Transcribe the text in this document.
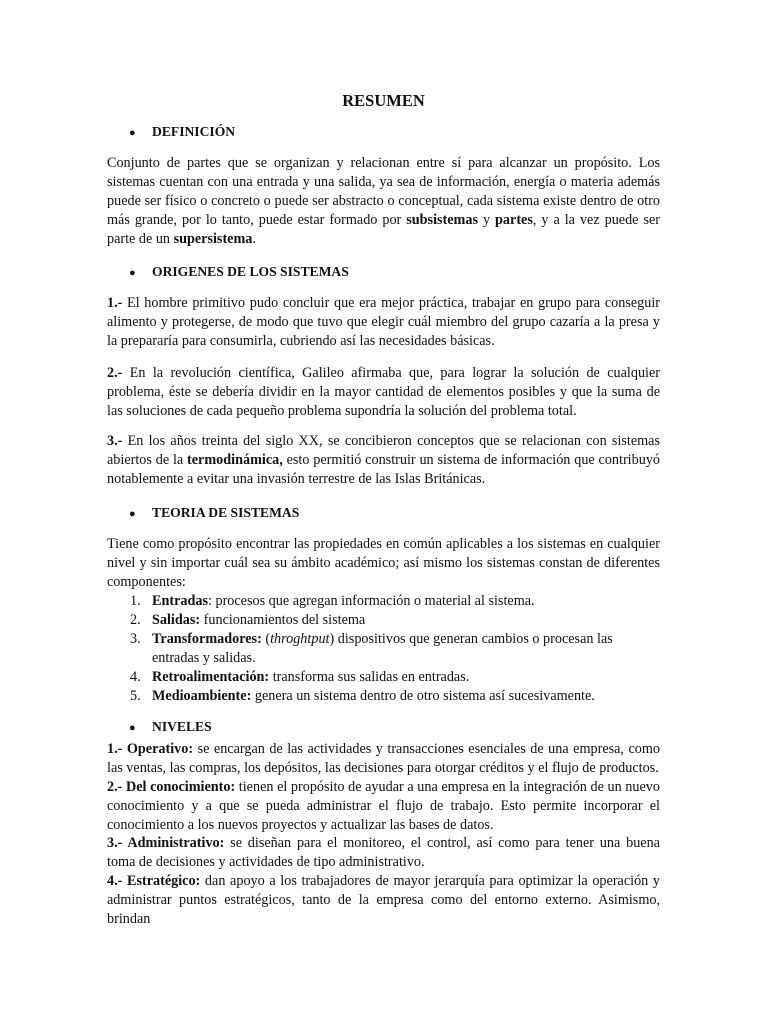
RESUMEN
● DEFINICIÓN
Conjunto de partes que se organizan y relacionan entre sí para alcanzar un propósito. Los sistemas cuentan con una entrada y una salida, ya sea de información, energía o materia además puede ser físico o concreto o puede ser abstracto o conceptual, cada sistema existe dentro de otro más grande, por lo tanto, puede estar formado por subsistemas y partes, y a la vez puede ser parte de un supersistema.
● ORIGENES DE LOS SISTEMAS
1.- El hombre primitivo pudo concluir que era mejor práctica, trabajar en grupo para conseguir alimento y protegerse, de modo que tuvo que elegir cuál miembro del grupo cazaría a la presa y la prepararía para consumirla, cubriendo así las necesidades básicas.
2.- En la revolución científica, Galileo afirmaba que, para lograr la solución de cualquier problema, éste se debería dividir en la mayor cantidad de elementos posibles y que la suma de las soluciones de cada pequeño problema supondría la solución del problema total.
3.- En los años treinta del siglo XX, se concibieron conceptos que se relacionan con sistemas abiertos de la termodinámica, esto permitió construir un sistema de información que contribuyó notablemente a evitar una invasión terrestre de las Islas Británicas.
● TEORIA DE SISTEMAS
Tiene como propósito encontrar las propiedades en común aplicables a los sistemas en cualquier nivel y sin importar cuál sea su ámbito académico; así mismo los sistemas constan de diferentes componentes:
1. Entradas: procesos que agregan información o material al sistema.
2. Salidas: funcionamientos del sistema
3. Transformadores: (throghtput) dispositivos que generan cambios o procesan las entradas y salidas.
4. Retroalimentación: transforma sus salidas en entradas.
5. Medioambiente: genera un sistema dentro de otro sistema así sucesivamente.
● NIVELES
1.- Operativo: se encargan de las actividades y transacciones esenciales de una empresa, como las ventas, las compras, los depósitos, las decisiones para otorgar créditos y el flujo de productos.
2.- Del conocimiento: tienen el propósito de ayudar a una empresa en la integración de un nuevo conocimiento y a que se pueda administrar el flujo de trabajo. Esto permite incorporar el conocimiento a los nuevos proyectos y actualizar las bases de datos.
3.- Administrativo: se diseñan para el monitoreo, el control, así como para tener una buena toma de decisiones y actividades de tipo administrativo.
4.- Estratégico: dan apoyo a los trabajadores de mayor jerarquía para optimizar la operación y administrar puntos estratégicos, tanto de la empresa como del entorno externo. Asimismo, brindan
